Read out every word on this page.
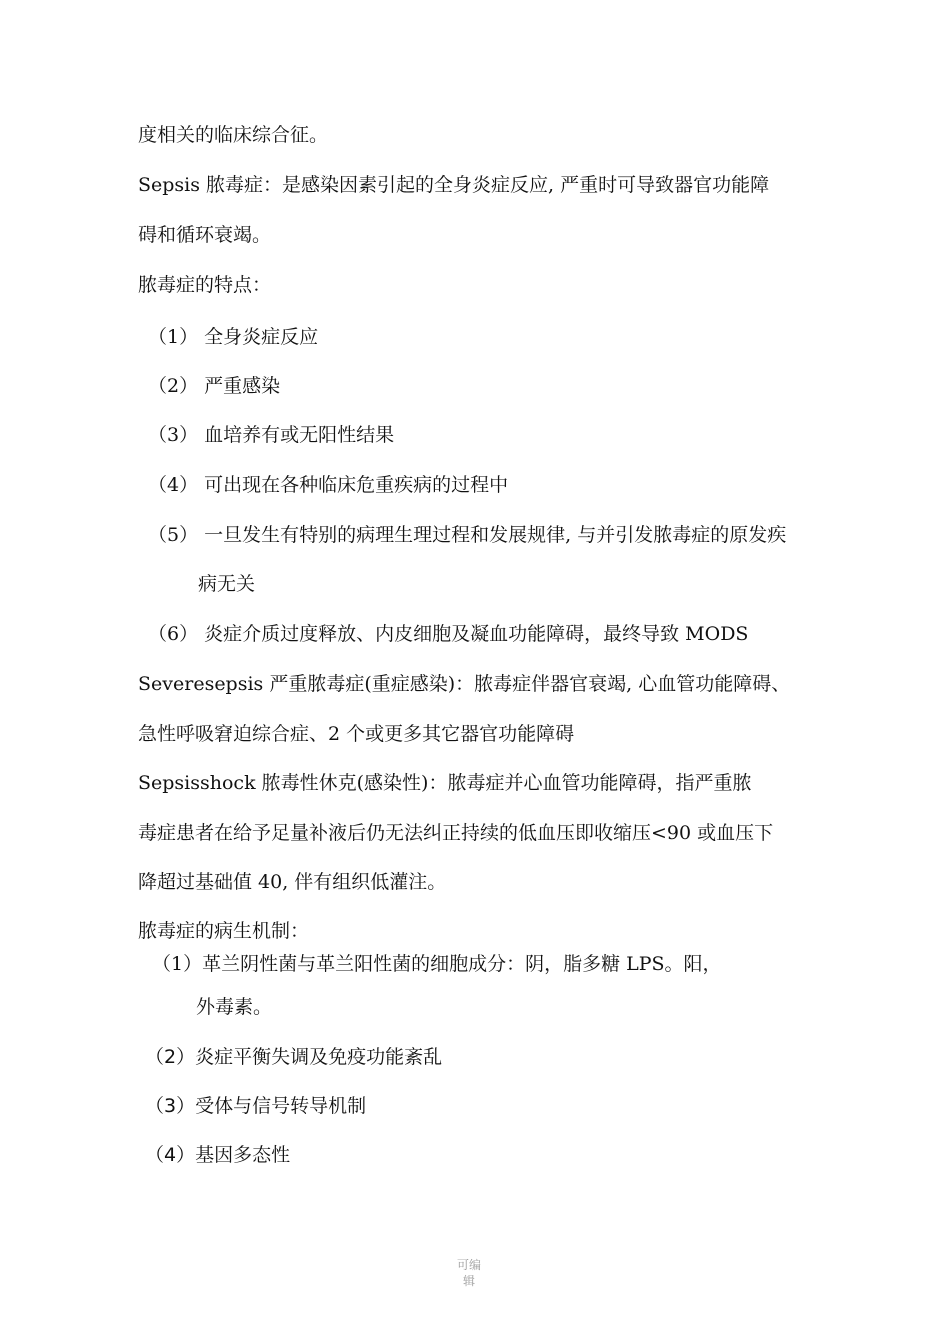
度相关的临床综合征。
Sepsis 脓毒症：是感染因素引起的全身炎症反应, 严重时可导致器官功能障
碍和循环衰竭。
脓毒症的特点：
（1） 全身炎症反应
（2） 严重感染
（3） 血培养有或无阳性结果
（4） 可出现在各种临床危重疾病的过程中
（5） 一旦发生有特别的病理生理过程和发展规律, 与并引发脓毒症的原发疾
病无关
（6） 炎症介质过度释放、内皮细胞及凝血功能障碍，最终导致 MODS
Severesepsis 严重脓毒症(重症感染)：脓毒症伴器官衰竭, 心血管功能障碍、
急性呼吸窘迫综合症、2 个或更多其它器官功能障碍
Sepsisshock 脓毒性休克(感染性)：脓毒症并心血管功能障碍，指严重脓
毒症患者在给予足量补液后仍无法纠正持续的低血压即收缩压<90 或血压下
降超过基础值 40, 伴有组织低灌注。
脓毒症的病生机制：
（1）革兰阴性菌与革兰阳性菌的细胞成分：阴，脂多糖 LPS。阳，
外毒素。
（2）炎症平衡失调及免疫功能紊乱
（3）受体与信号转导机制
（4）基因多态性
可编辑
